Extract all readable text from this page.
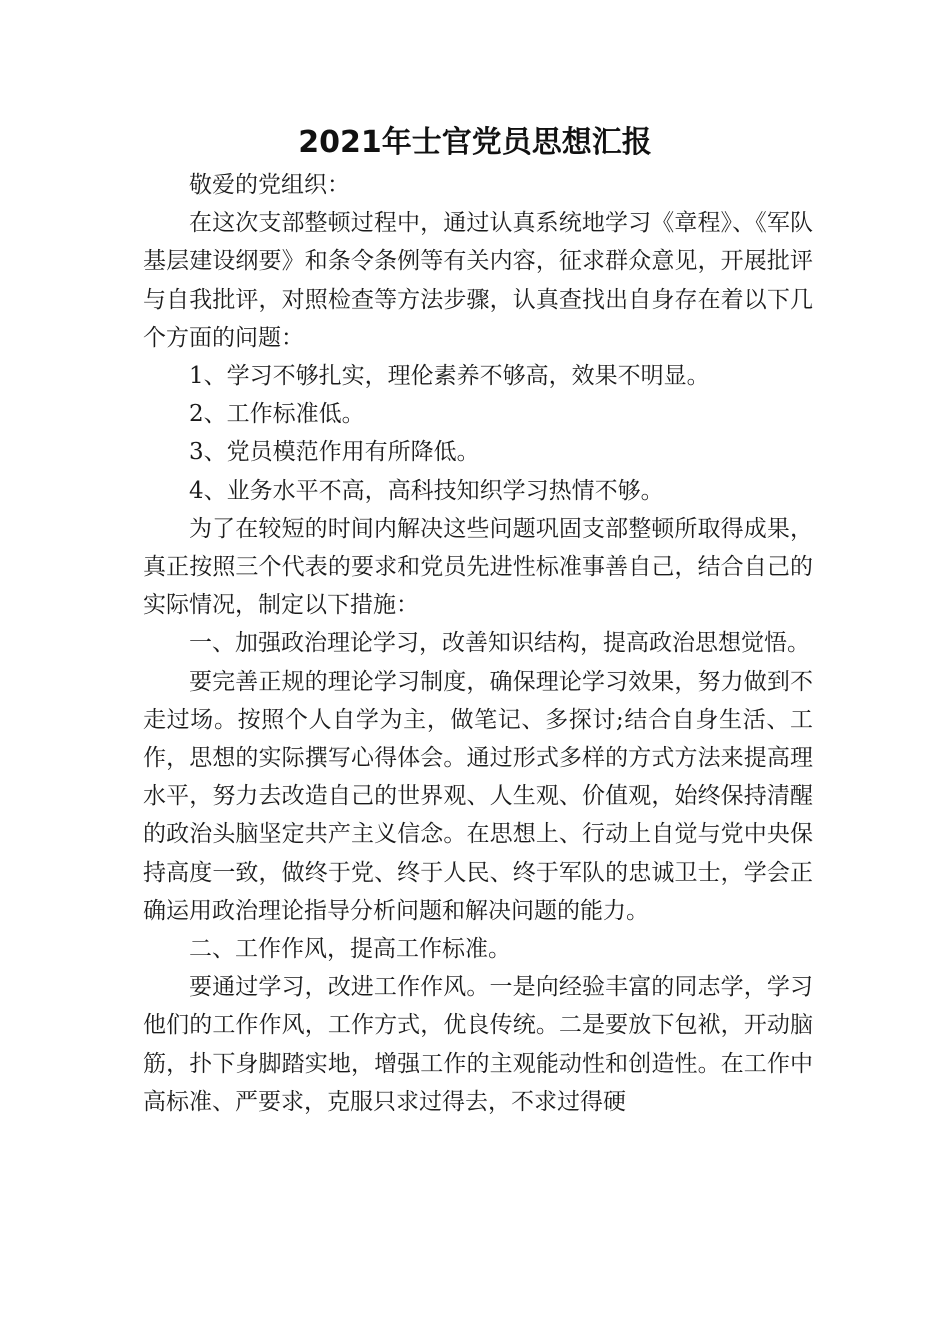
2021年士官党员思想汇报

敬爱的党组织：

在这次支部整顿过程中，通过认真系统地学习《章程》、《军队基层建设纲要》和条令条例等有关内容，征求群众意见，开展批评与自我批评，对照检查等方法步骤，认真查找出自身存在着以下几个方面的问题：

1、学习不够扎实，理伦素养不够高，效果不明显。

2、工作标准低。

3、党员模范作用有所降低。

4、业务水平不高，高科技知织学习热情不够。

为了在较短的时间内解决这些问题巩固支部整顿所取得成果，真正按照三个代表的要求和党员先进性标准事善自己，结合自己的实际情况，制定以下措施：

一、加强政治理论学习，改善知识结构，提高政治思想觉悟。

要完善正规的理论学习制度，确保理论学习效果，努力做到不走过场。按照个人自学为主，做笔记、多探讨;结合自身生活、工作，思想的实际撰写心得体会。通过形式多样的方式方法来提高理水平，努力去改造自己的世界观、人生观、价值观，始终保持清醒的政治头脑坚定共产主义信念。在思想上、行动上自觉与党中央保持高度一致，做终于党、终于人民、终于军队的忠诚卫士，学会正确运用政治理论指导分析问题和解决问题的能力。

二、工作作风，提高工作标准。

要通过学习，改进工作作风。一是向经验丰富的同志学，学习他们的工作作风，工作方式，优良传统。二是要放下包袱，开动脑筋，扑下身脚踏实地，增强工作的主观能动性和创造性。在工作中高标准、严要求，克服只求过得去，不求过得硬
